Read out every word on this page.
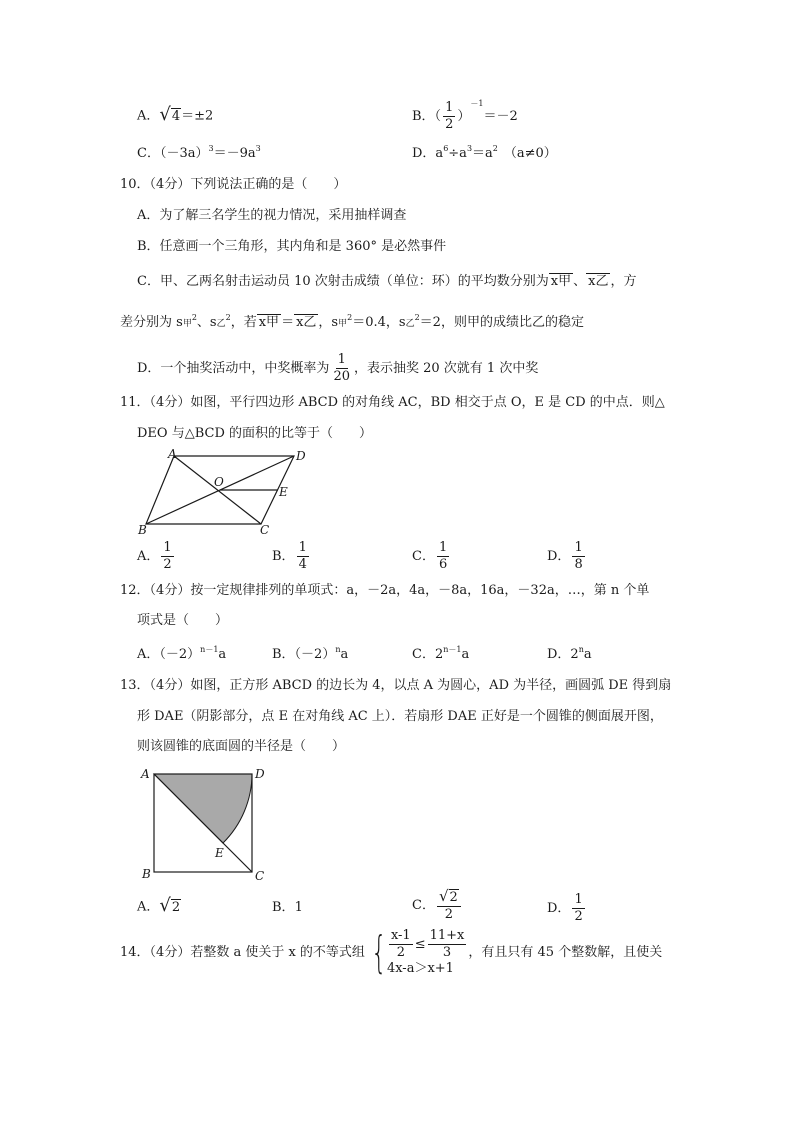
A．√4＝±2	B．（ $\frac{1}{2} )^{-1}=-2$
C．$(-3a)^3=-9a^3$	D．$a^6\div a^3=a^2$ （a≠0）
10．（4分）下列说法正确的是（　　）
A．为了解三名学生的视力情况，采用抽样调查
B．任意画一个三角形，其内角和是 360° 是必然事件
C．甲、乙两名射击运动员 10 次射击成绩（单位：环）的平均数分别为 x甲 、 x乙 ，方
差分别为 s甲$^2$、s乙$^2$，若 x甲 ＝ x乙 ，s甲$^2$＝0.4，s乙$^2$＝2，则甲的成绩比乙的稳定
D．一个抽奖活动中，中奖概率为 $\frac{1}{20}$ ，表示抽奖 20 次就有 1 次中奖
11．（4分）如图，平行四边形 ABCD 的对角线 AC，BD 相交于点 O，E 是 CD 的中点．则△
DEO 与△BCD 的面积的比等于（　　）
A	D
B	C
O
E
A． $\frac{1}{2}$	B． $\frac{1}{4}$	C． $\frac{1}{6}$	D． $\frac{1}{8}$
12．（4分）按一定规律排列的单项式：a，－2a，4a，－8a，16a，－32a，…，第 n 个单
项式是（　　）
A．$(-2)^{n-1}a$	B．$(-2)^na$	C．$2^{n-1}a$	D．2$^n$a
13．（4分）如图，正方形 ABCD 的边长为 4，以点 A 为圆心，AD 为半径，画圆弧 DE 得到扇
形 DAE（阴影部分，点 E 在对角线 AC 上）．若扇形 DAE 正好是一个圆锥的侧面展开图，
则该圆锥的底面圆的半径是（　　）
A	D
B	C
E
A．√2	B．1	C． $\frac{√2}{2}$	D． $\frac{1}{2}$
14．（4分）若整数 a 使关于 x 的不等式组 { $\frac{x-1}{2} \le \frac{11+x}{3}$
4x-a＞x+1
，有且只有 45 个整数解，且使关
